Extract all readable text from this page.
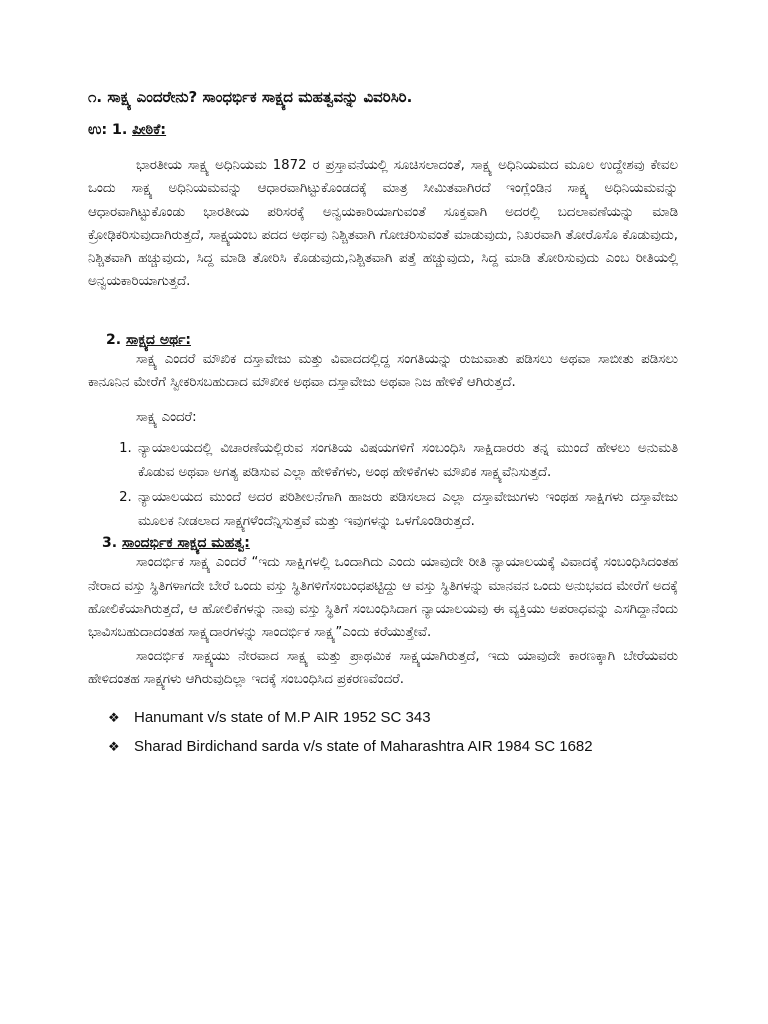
೧. ಸಾಕ್ಷ್ಯ ಎಂದರೇನು? ಸಾಂಧರ್ಭಿಕ ಸಾಕ್ಷ್ಯದ ಮಹತ್ವವನ್ನು ವಿವರಿಸಿರಿ.
ಉ: 1. ಪೀಠಿಕೆ:

ಭಾರತೀಯ ಸಾಕ್ಷ್ಯ ಅಧಿನಿಯಮ 1872 ರ ಪ್ರಸ್ತಾವನೆಯಲ್ಲಿ ಸೂಚಿಸಲಾದಂತೆ, ಸಾಕ್ಷ್ಯ ಅಧಿನಿಯಮದ ಮೂಲ ಉದ್ದೇಶವು ಕೇವಲ ಒಂದು ಸಾಕ್ಷ್ಯ ಅಧಿನಿಯಮವನ್ನು ಆಧಾರವಾಗಿಟ್ಟುಕೊಂಡದಕ್ಕೆ ಮಾತ್ರ ಸೀಮಿತವಾಗಿರದೆ ಇಂಗ್ಲೆಂಡಿನ ಸಾಕ್ಷ್ಯ ಅಧಿನಿಯಮವನ್ನು ಆಧಾರವಾಗಿಟ್ಟುಕೊಂಡು ಭಾರತೀಯ ಪರಿಸರಕ್ಕೆ ಅನ್ವಯಕಾರಿಯಾಗುವಂತೆ ಸೂಕ್ತವಾಗಿ ಅದರಲ್ಲಿ ಬದಲಾವಣೆಯನ್ನು ಮಾಡಿ ಕ್ರೋಢಿಕರಿಸುವುದಾಗಿರುತ್ತದೆ, ಸಾಕ್ಷ್ಯಯಂಬ ಪದದ ಅರ್ಥವು ನಿಶ್ಚಿತವಾಗಿ ಗೋಚರಿಸುವಂತೆ ಮಾಡುವುದು, ನಿಖರವಾಗಿ ತೋರೊಸೊ ಕೊಡುವುದು, ನಿಶ್ಚಿತವಾಗಿ ಹಚ್ಚುವುದು, ಸಿದ್ದ ಮಾಡಿ ತೋರಿಸಿ ಕೊಡುವುದು,ನಿಶ್ಚಿತವಾಗಿ ಪತ್ತೆ ಹಚ್ಚುವುದು, ಸಿದ್ದ ಮಾಡಿ ತೋರಿಸುವುದು ಎಂಬ ರೀತಿಯಲ್ಲಿ ಅನ್ವಯಕಾರಿಯಾಗುತ್ತದೆ.

2. ಸಾಕ್ಷ್ಯದ ಅರ್ಥ:

ಸಾಕ್ಷ್ಯ ಎಂದರೆ ಮೌಖಿಕ ದಸ್ತಾವೇಜು ಮತ್ತು ವಿವಾದದಲ್ಲಿದ್ದ ಸಂಗತಿಯನ್ನು ರುಜುವಾತು ಪಡಿಸಲು ಅಥವಾ ಸಾಬೀತು ಪಡಿಸಲು ಕಾನೂನಿನ ಮೇರೆಗೆ ಸ್ವೀಕರಿಸಬಹುದಾದ ಮೌಖೀಕ ಅಥವಾ ದಸ್ತಾವೇಜು ಅಥವಾ ನಿಜ ಹೇಳಿಕೆ ಆಗಿರುತ್ತದೆ.

ಸಾಕ್ಷ್ಯ ಎಂದರೆ:
1. ನ್ಯಾಯಾಲಯದಲ್ಲಿ ವಿಚಾರಣೆಯಲ್ಲಿರುವ ಸಂಗತಿಯ ವಿಷಯಗಳಿಗೆ ಸಂಬಂಧಿಸಿ ಸಾಕ್ಷಿದಾರರು ತನ್ನ ಮುಂದೆ ಹೇಳಲು ಅನುಮತಿ ಕೊಡುವ ಅಥವಾ ಅಗತ್ಯ ಪಡಿಸುವ ಎಲ್ಲಾ ಹೇಳಿಕೆಗಳು, ಅಂಥ ಹೇಳಿಕೆಗಳು ಮೌಖಿಕ ಸಾಕ್ಷ್ಯವೆನಿಸುತ್ತದೆ.
2. ನ್ಯಾಯಾಲಯದ ಮುಂದೆ ಅದರ ಪರಿಶೀಲನೆಗಾಗಿ ಹಾಜರು ಪಡಿಸಲಾದ ಎಲ್ಲಾ ದಸ್ತಾವೇಜುಗಳು ಇಂಥಹ ಸಾಕ್ಷಿಗಳು ದಸ್ತಾವೇಜು ಮೂಲಕ ನೀಡಲಾದ ಸಾಕ್ಷ್ಯಗಳೆಂದೆನ್ನಿಸುತ್ತವೆ ಮತ್ತು ಇವುಗಳನ್ನು ಒಳಗೊಂಡಿರುತ್ತದೆ.
3. ಸಾಂದರ್ಭಿಕ ಸಾಕ್ಷ್ಯದ ಮಹತ್ವ:

ಸಾಂದರ್ಭಿಕ ಸಾಕ್ಷ್ಯ ಎಂದರೆ “ಇದು ಸಾಕ್ಷಿಗಳಲ್ಲಿ ಒಂದಾಗಿದು ಎಂದು ಯಾವುದೇ ರೀತಿ ನ್ಯಾಯಾಲಯಕ್ಕೆ ವಿವಾದಕ್ಕೆ ಸಂಬಂಧಿಸಿದಂತಹ ನೇರಾದ ವಸ್ತು ಸ್ಥಿತಿಗಳಾಗದೇ ಬೇರೆ ಒಂದು ವಸ್ತು ಸ್ಥಿತಿಗಳಿಗೆಸಂಬಂಧಪಟ್ಟಿದ್ದು ಆ ವಸ್ತು ಸ್ಥಿತಿಗಳನ್ನು ಮಾನವನ ಒಂದು ಅನುಭವದ ಮೇರೆಗೆ ಅದಕ್ಕೆ ಹೋಲಿಕೆಯಾಗಿರುತ್ತದೆ, ಆ ಹೋಲಿಕೆಗಳನ್ನು ನಾವು ವಸ್ತು ಸ್ಥಿತಿಗೆ ಸಂಬಂಧಿಸಿದಾಗ ನ್ಯಾಯಾಲಯವು ಈ ವ್ಯಕ್ತಿಯು ಅಪರಾಧವನ್ನು ಎಸಗಿದ್ದಾನೆಂದು ಭಾವಿಸಬಹುದಾದಂತಹ ಸಾಕ್ಷ್ಯದಾರಗಳನ್ನು ಸಾಂದರ್ಭಿಕ ಸಾಕ್ಷ್ಯ”ಎಂದು ಕರೆಯುತ್ತೇವೆ.

ಸಾಂದರ್ಭಿಕ ಸಾಕ್ಷ್ಯಯು ನೇರವಾದ ಸಾಕ್ಷ್ಯ ಮತ್ತು ಪ್ರಾಥಮಿಕ ಸಾಕ್ಷ್ಯಯಾಗಿರುತ್ತದೆ, ಇದು ಯಾವುದೇ ಕಾರಣಕ್ಕಾಗಿ ಬೇರೆಯವರು ಹೇಳಿದಂತಹ ಸಾಕ್ಷ್ಯಗಳು ಆಗಿರುವುದಿಲ್ಲಾ ಇದಕ್ಕೆ ಸಂಬಂಧಿಸಿದ ಪ್ರಕರಣವೆಂದರೆ.

❖ Hanumant v/s state of M.P AIR 1952 SC 343
❖ Sharad Birdichand sarda v/s state of Maharashtra AIR 1984 SC 1682
